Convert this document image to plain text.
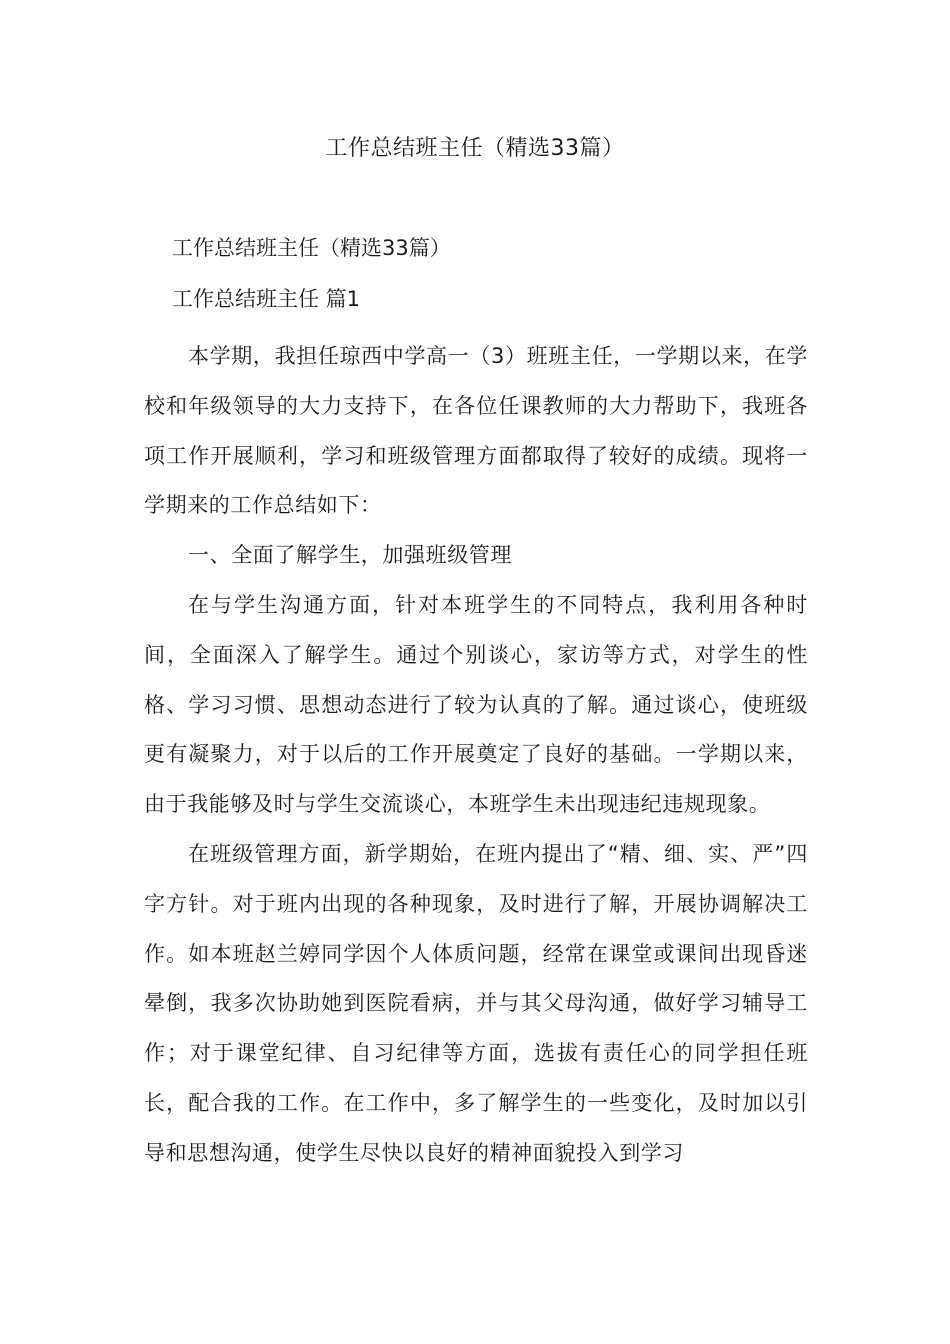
工作总结班主任（精选33篇）

工作总结班主任（精选33篇）

工作总结班主任 篇1

本学期，我担任琼西中学高一（3）班班主任，一学期以来，在学校和年级领导的大力支持下，在各位任课教师的大力帮助下，我班各项工作开展顺利，学习和班级管理方面都取得了较好的成绩。现将一学期来的工作总结如下：

一、全面了解学生，加强班级管理

在与学生沟通方面，针对本班学生的不同特点，我利用各种时间，全面深入了解学生。通过个别谈心，家访等方式，对学生的性格、学习习惯、思想动态进行了较为认真的了解。通过谈心，使班级更有凝聚力，对于以后的工作开展奠定了良好的基础。一学期以来，由于我能够及时与学生交流谈心，本班学生未出现违纪违规现象。

在班级管理方面，新学期始，在班内提出了“精、细、实、严”四字方针。对于班内出现的各种现象，及时进行了解，开展协调解决工作。如本班赵兰婷同学因个人体质问题，经常在课堂或课间出现昏迷晕倒，我多次协助她到医院看病，并与其父母沟通，做好学习辅导工作；对于课堂纪律、自习纪律等方面，选拔有责任心的同学担任班长，配合我的工作。在工作中，多了解学生的一些变化，及时加以引导和思想沟通，使学生尽快以良好的精神面貌投入到学习
